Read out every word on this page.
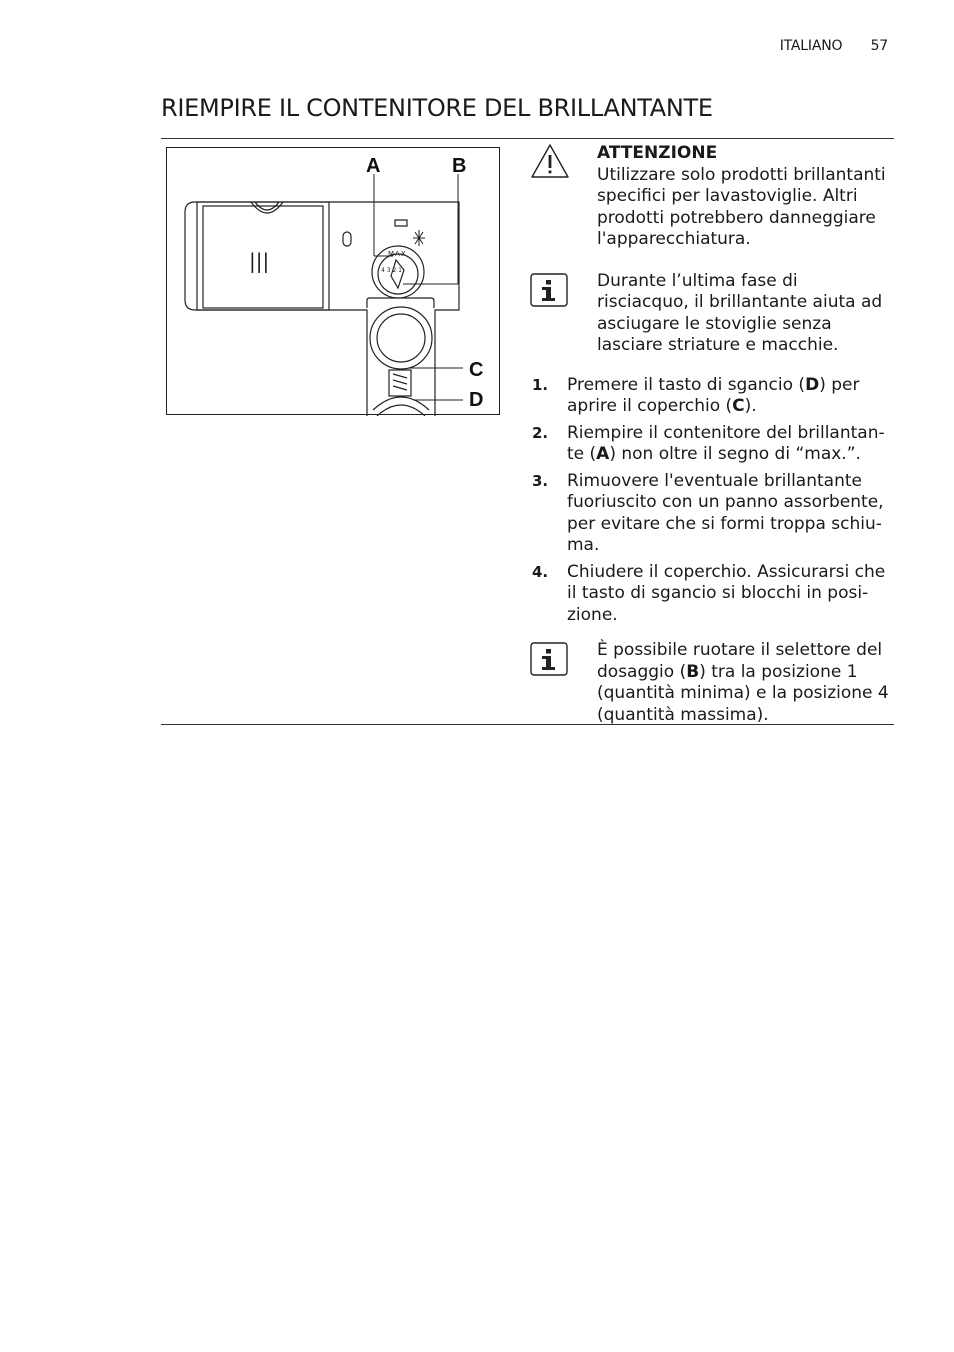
ITALIANO 57
RIEMPIRE IL CONTENITORE DEL BRILLANTANTE
|||	MAX
4 3 2 1
A	B
C
D
ATTENZIONE
Utilizzare solo prodotti brillantanti specifici per lavastoviglie. Altri prodotti potrebbero danneggiare l'apparecchiatura.
Durante l’ultima fase di risciacquo, il brillantante aiuta ad asciugare le stoviglie senza lasciare striature e macchie.
1. Premere il tasto di sgancio (D) per aprire il coperchio (C).
2. Riempire il contenitore del brillantan-te (A) non oltre il segno di “max.”.
3. Rimuovere l'eventuale brillantante fuoriuscito con un panno assorbente, per evitare che si formi troppa schiu-ma.
4. Chiudere il coperchio. Assicurarsi che il tasto di sgancio si blocchi in posi-zione.
È possibile ruotare il selettore del dosaggio (B) tra la posizione 1 (quantità minima) e la posizione 4 (quantità massima).
